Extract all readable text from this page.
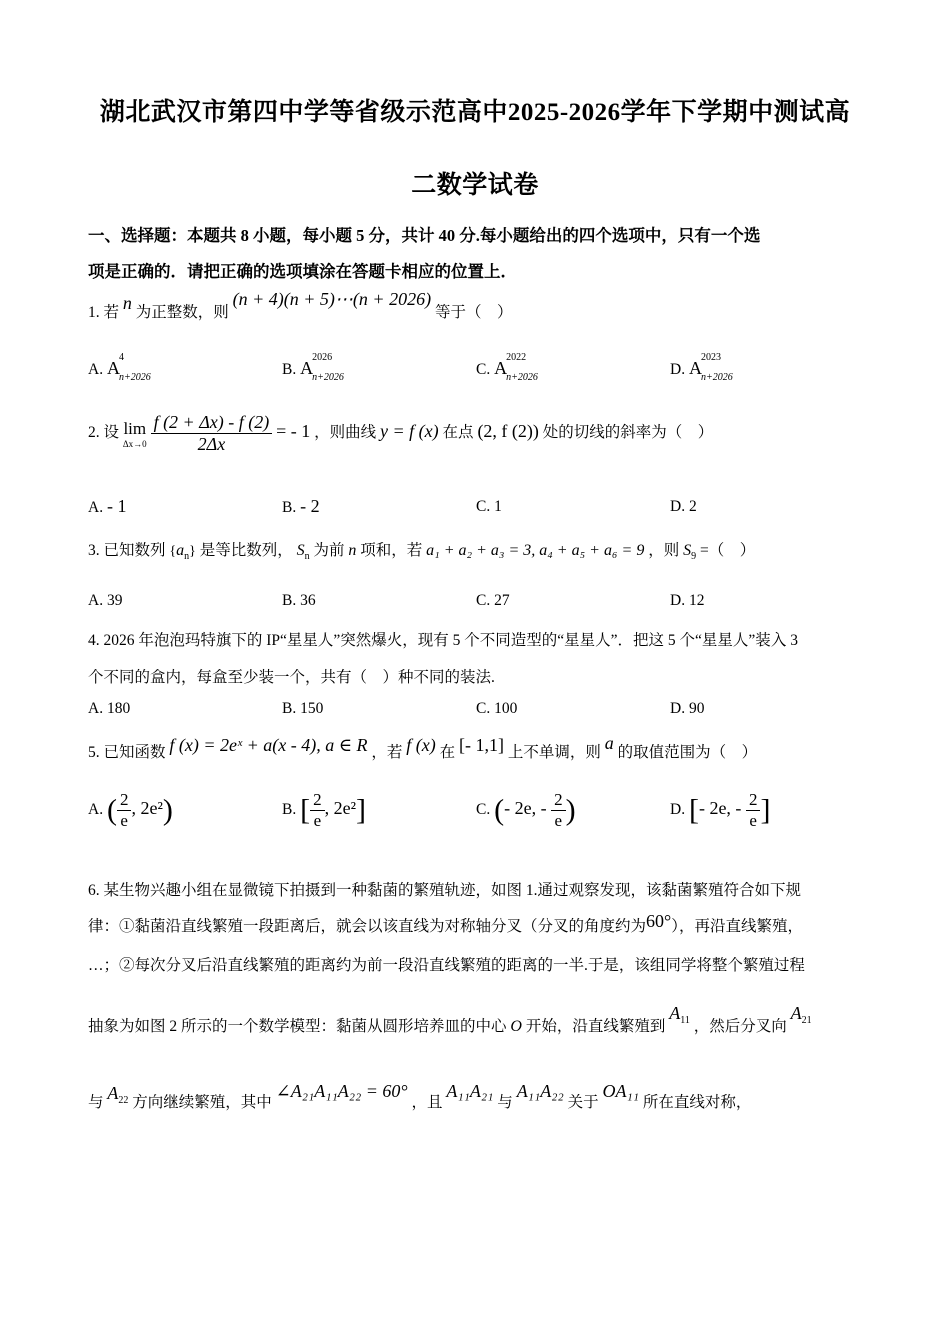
湖北武汉市第四中学等省级示范高中2025-2026学年下学期中测试高
二数学试卷
一、选择题：本题共 8 小题，每小题 5 分，共计 40 分.每小题给出的四个选项中，只有一个选
项是正确的．请把正确的选项填涂在答题卡相应的位置上．
1. 若 n 为正整数，则 (n + 4)(n + 5)⋯(n + 2026) 等于（　）
A. A
4
n+2026	B. A
2026
n+2026	C. A
2022
n+2026	D. A
2023
n+2026
2. 设 lim
Δx→0
$\frac{f (2 + \Delta x) - f (2)}{2\Delta x}$ = - 1 ，则曲线 y = f (x) 在点 (2, f (2)) 处的切线的斜率为（　）
A. - 1	B. - 2	C. 1	D. 2
3. 已知数列 $\{a_n\}$ 是等比数列， $S_n$ 为前 n 项和，若 a₁ + a₂ + a₃ = 3, a₄ + a₅ + a₆ = 9 ，则 $S_9$ =（　）
A. 39	B. 36	C. 27	D. 12
4. 2026 年泡泡玛特旗下的 IP“星星人”突然爆火，现有 5 个不同造型的“星星人”．把这 5 个“星星人”装入 3
个不同的盒内，每盒至少装一个，共有（　）种不同的装法.
A. 180	B. 150	C. 100	D. 90
5. 已知函数 f (x) = 2eˣ + a(x - 4), a ∈ R ，若 f (x) 在 [- 1,1] 上不单调，则 a 的取值范围为（　）
A. ( $\frac{2}{e}$ , 2e²)	B. [ $\frac{2}{e}$ , 2e²]	C. (- 2e, - $\frac{2}{e}$ )	D. [- 2e, - $\frac{2}{e}$ ]
6. 某生物兴趣小组在显微镜下拍摄到一种黏菌的繁殖轨迹，如图 1.通过观察发现，该黏菌繁殖符合如下规
律：①黏菌沿直线繁殖一段距离后，就会以该直线为对称轴分叉（分叉的角度约为60°），再沿直线繁殖，
…；②每次分叉后沿直线繁殖的距离约为前一段沿直线繁殖的距离的一半.于是，该组同学将整个繁殖过程
抽象为如图 2 所示的一个数学模型：黏菌从圆形培养皿的中心 O 开始，沿直线繁殖到 $A^{11}$ ，然后分叉向 $A^{21}$
与 $A^{22}$ 方向继续繁殖，其中 ∠A₂₁A₁₁A₂₂ = 60° ，且 A₁₁A₂₁ 与 A₁₁A₂₂ 关于 OA₁₁ 所在直线对称，
